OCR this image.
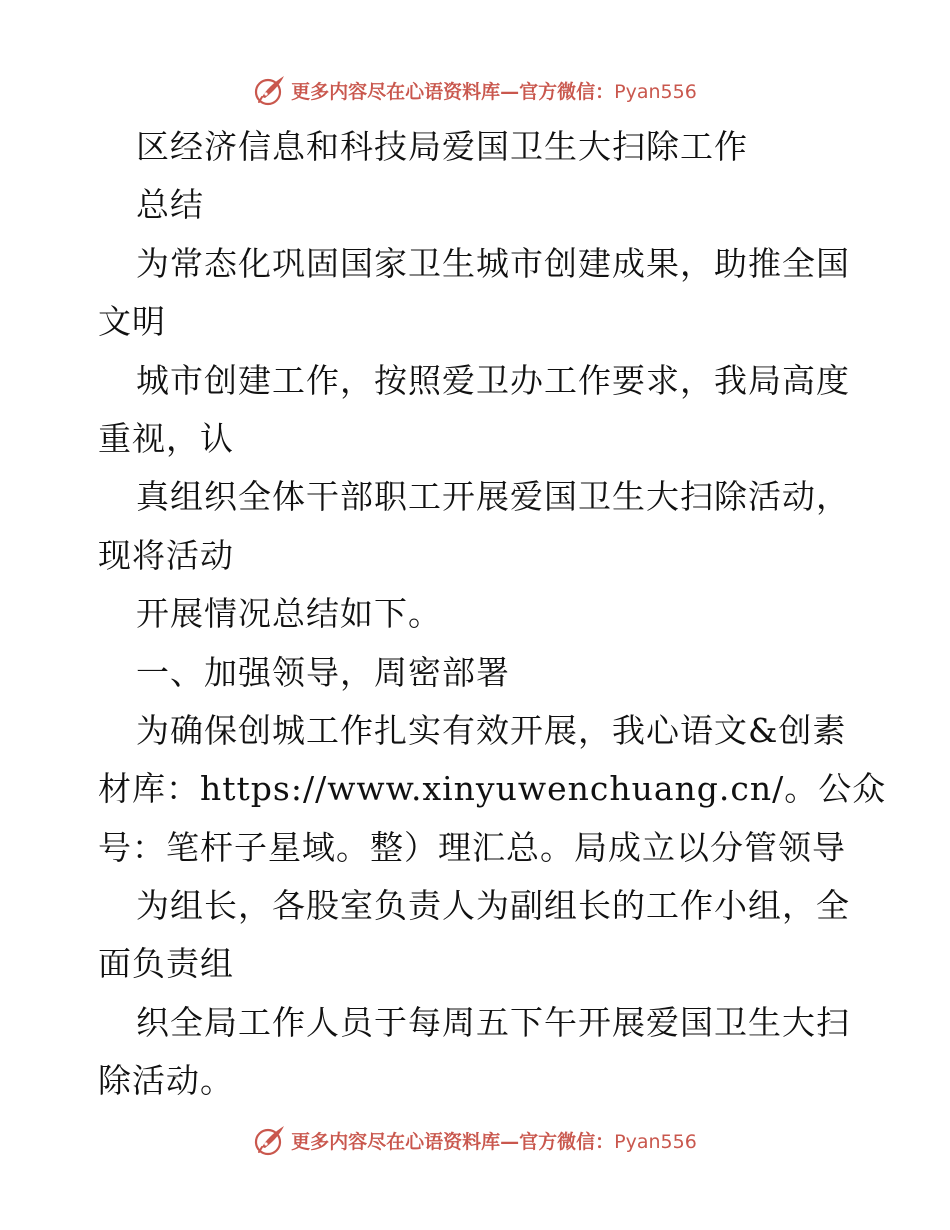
更多内容尽在心语资料库—官方微信：Pyan556
区经济信息和科技局爱国卫生大扫除工作
总结
为常态化巩固国家卫生城市创建成果，助推全国
文明
城市创建工作，按照爱卫办工作要求，我局高度
重视，认
真组织全体干部职工开展爱国卫生大扫除活动，
现将活动
开展情况总结如下。
一、加强领导，周密部署
为确保创城工作扎实有效开展，我心语文&创素
材库：https://www.xinyuwenchuang.cn/。公众
号：笔杆子星域。整）理汇总。局成立以分管领导
为组长，各股室负责人为副组长的工作小组，全
面负责组
织全局工作人员于每周五下午开展爱国卫生大扫
除活动。
更多内容尽在心语资料库—官方微信：Pyan556
